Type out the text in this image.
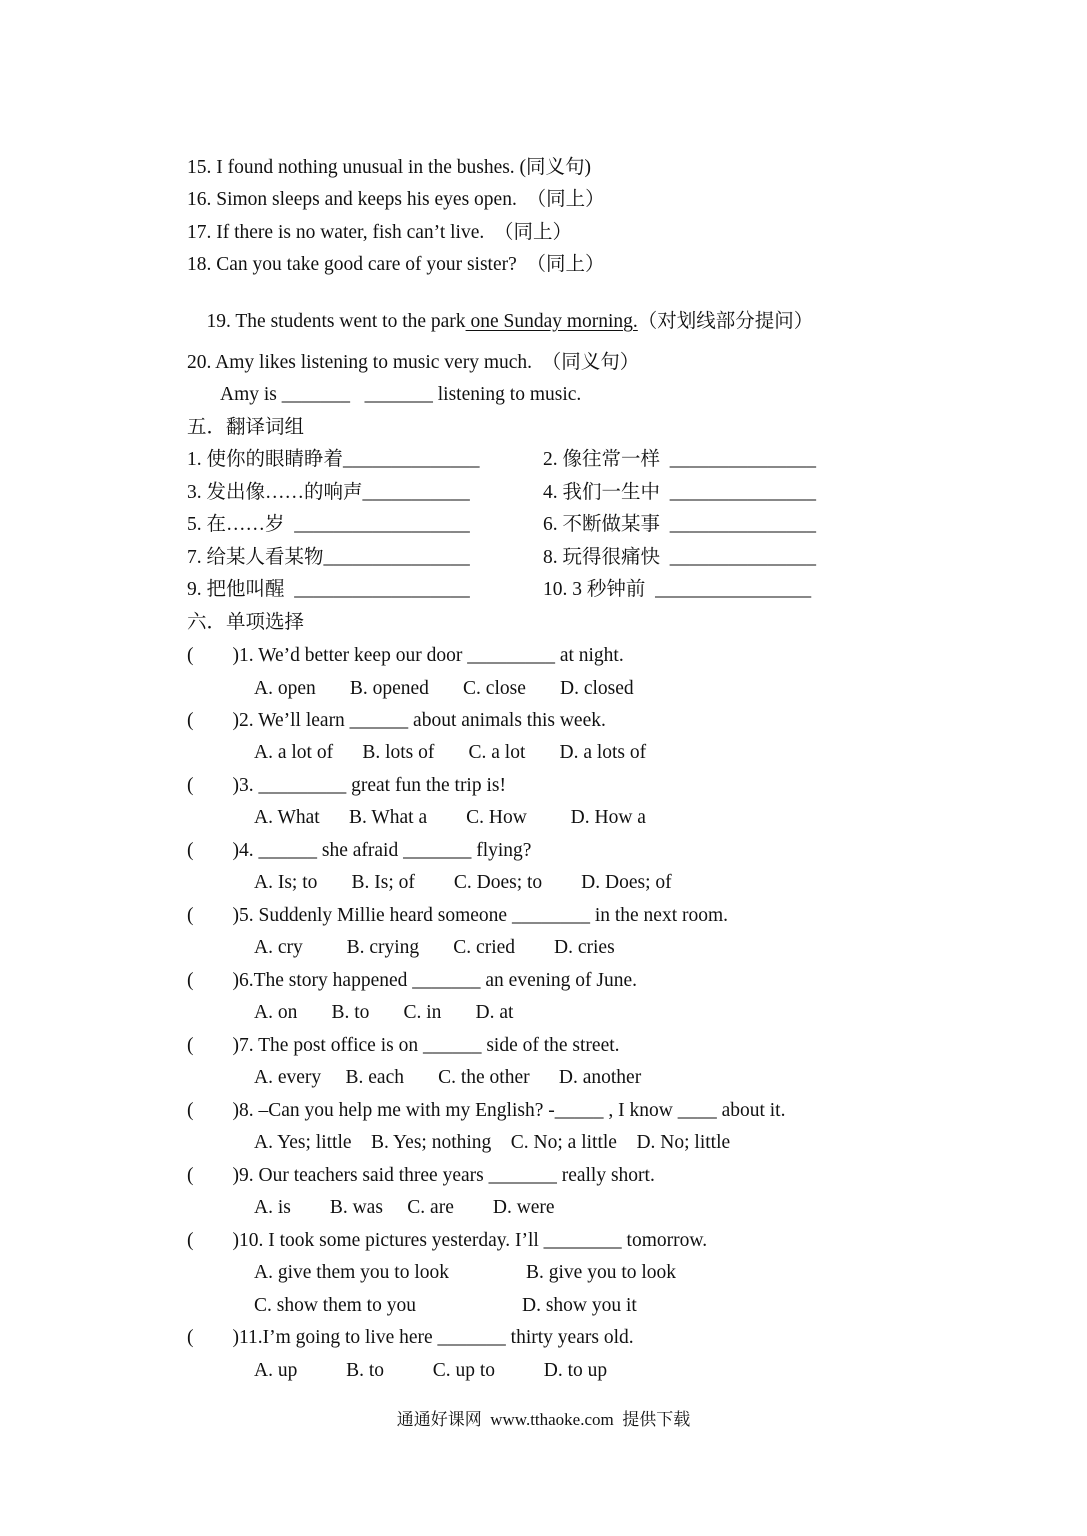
15. I found nothing unusual in the bushes. (同义句)
16. Simon sleeps and keeps his eyes open.  （同上）
17. If there is no water, fish can’t live.  （同上）
18. Can you take good care of your sister?  （同上）

19. The students went to the park one Sunday morning.（对划线部分提问）

20. Amy likes listening to music very much.  （同义句）
Amy is _______   _______ listening to music.
五．翻译词组
1. 使你的眼睛睁着______________	2. 像往常一样  _______________
3. 发出像……的响声___________	4. 我们一生中  _______________
5. 在……岁  __________________	6. 不断做某事  _______________
7. 给某人看某物_______________	8. 玩得很痛快  _______________
9. 把他叫醒  __________________	10. 3 秒钟前  ________________
六．单项选择
(        )1. We’d better keep our door _________ at night.
A. open       B. opened       C. close       D. closed
(        )2. We’ll learn ______ about animals this week.
A. a lot of      B. lots of       C. a lot       D. a lots of
(        )3. _________ great fun the trip is!
A. What      B. What a        C. How         D. How a
(        )4. ______ she afraid _______ flying?
A. Is; to       B. Is; of        C. Does; to        D. Does; of
(        )5. Suddenly Millie heard someone ________ in the next room.
A. cry         B. crying       C. cried        D. cries
(        )6.The story happened _______ an evening of June.
A. on       B. to       C. in       D. at
(        )7. The post office is on ______ side of the street.
A. every     B. each       C. the other      D. another
(        )8. –Can you help me with my English? -_____ , I know ____ about it.
A. Yes; little    B. Yes; nothing    C. No; a little    D. No; little
(        )9. Our teachers said three years _______ really short.
A. is        B. was     C. are        D. were
(        )10. I took some pictures yesterday. I’ll ________ tomorrow.
A. give them you to look	B. give you to look
C. show them to you	D. show you it
(        )11.I’m going to live here _______ thirty years old.
A. up          B. to          C. up to          D. to up
通通好课网  www.tthaoke.com  提供下载
